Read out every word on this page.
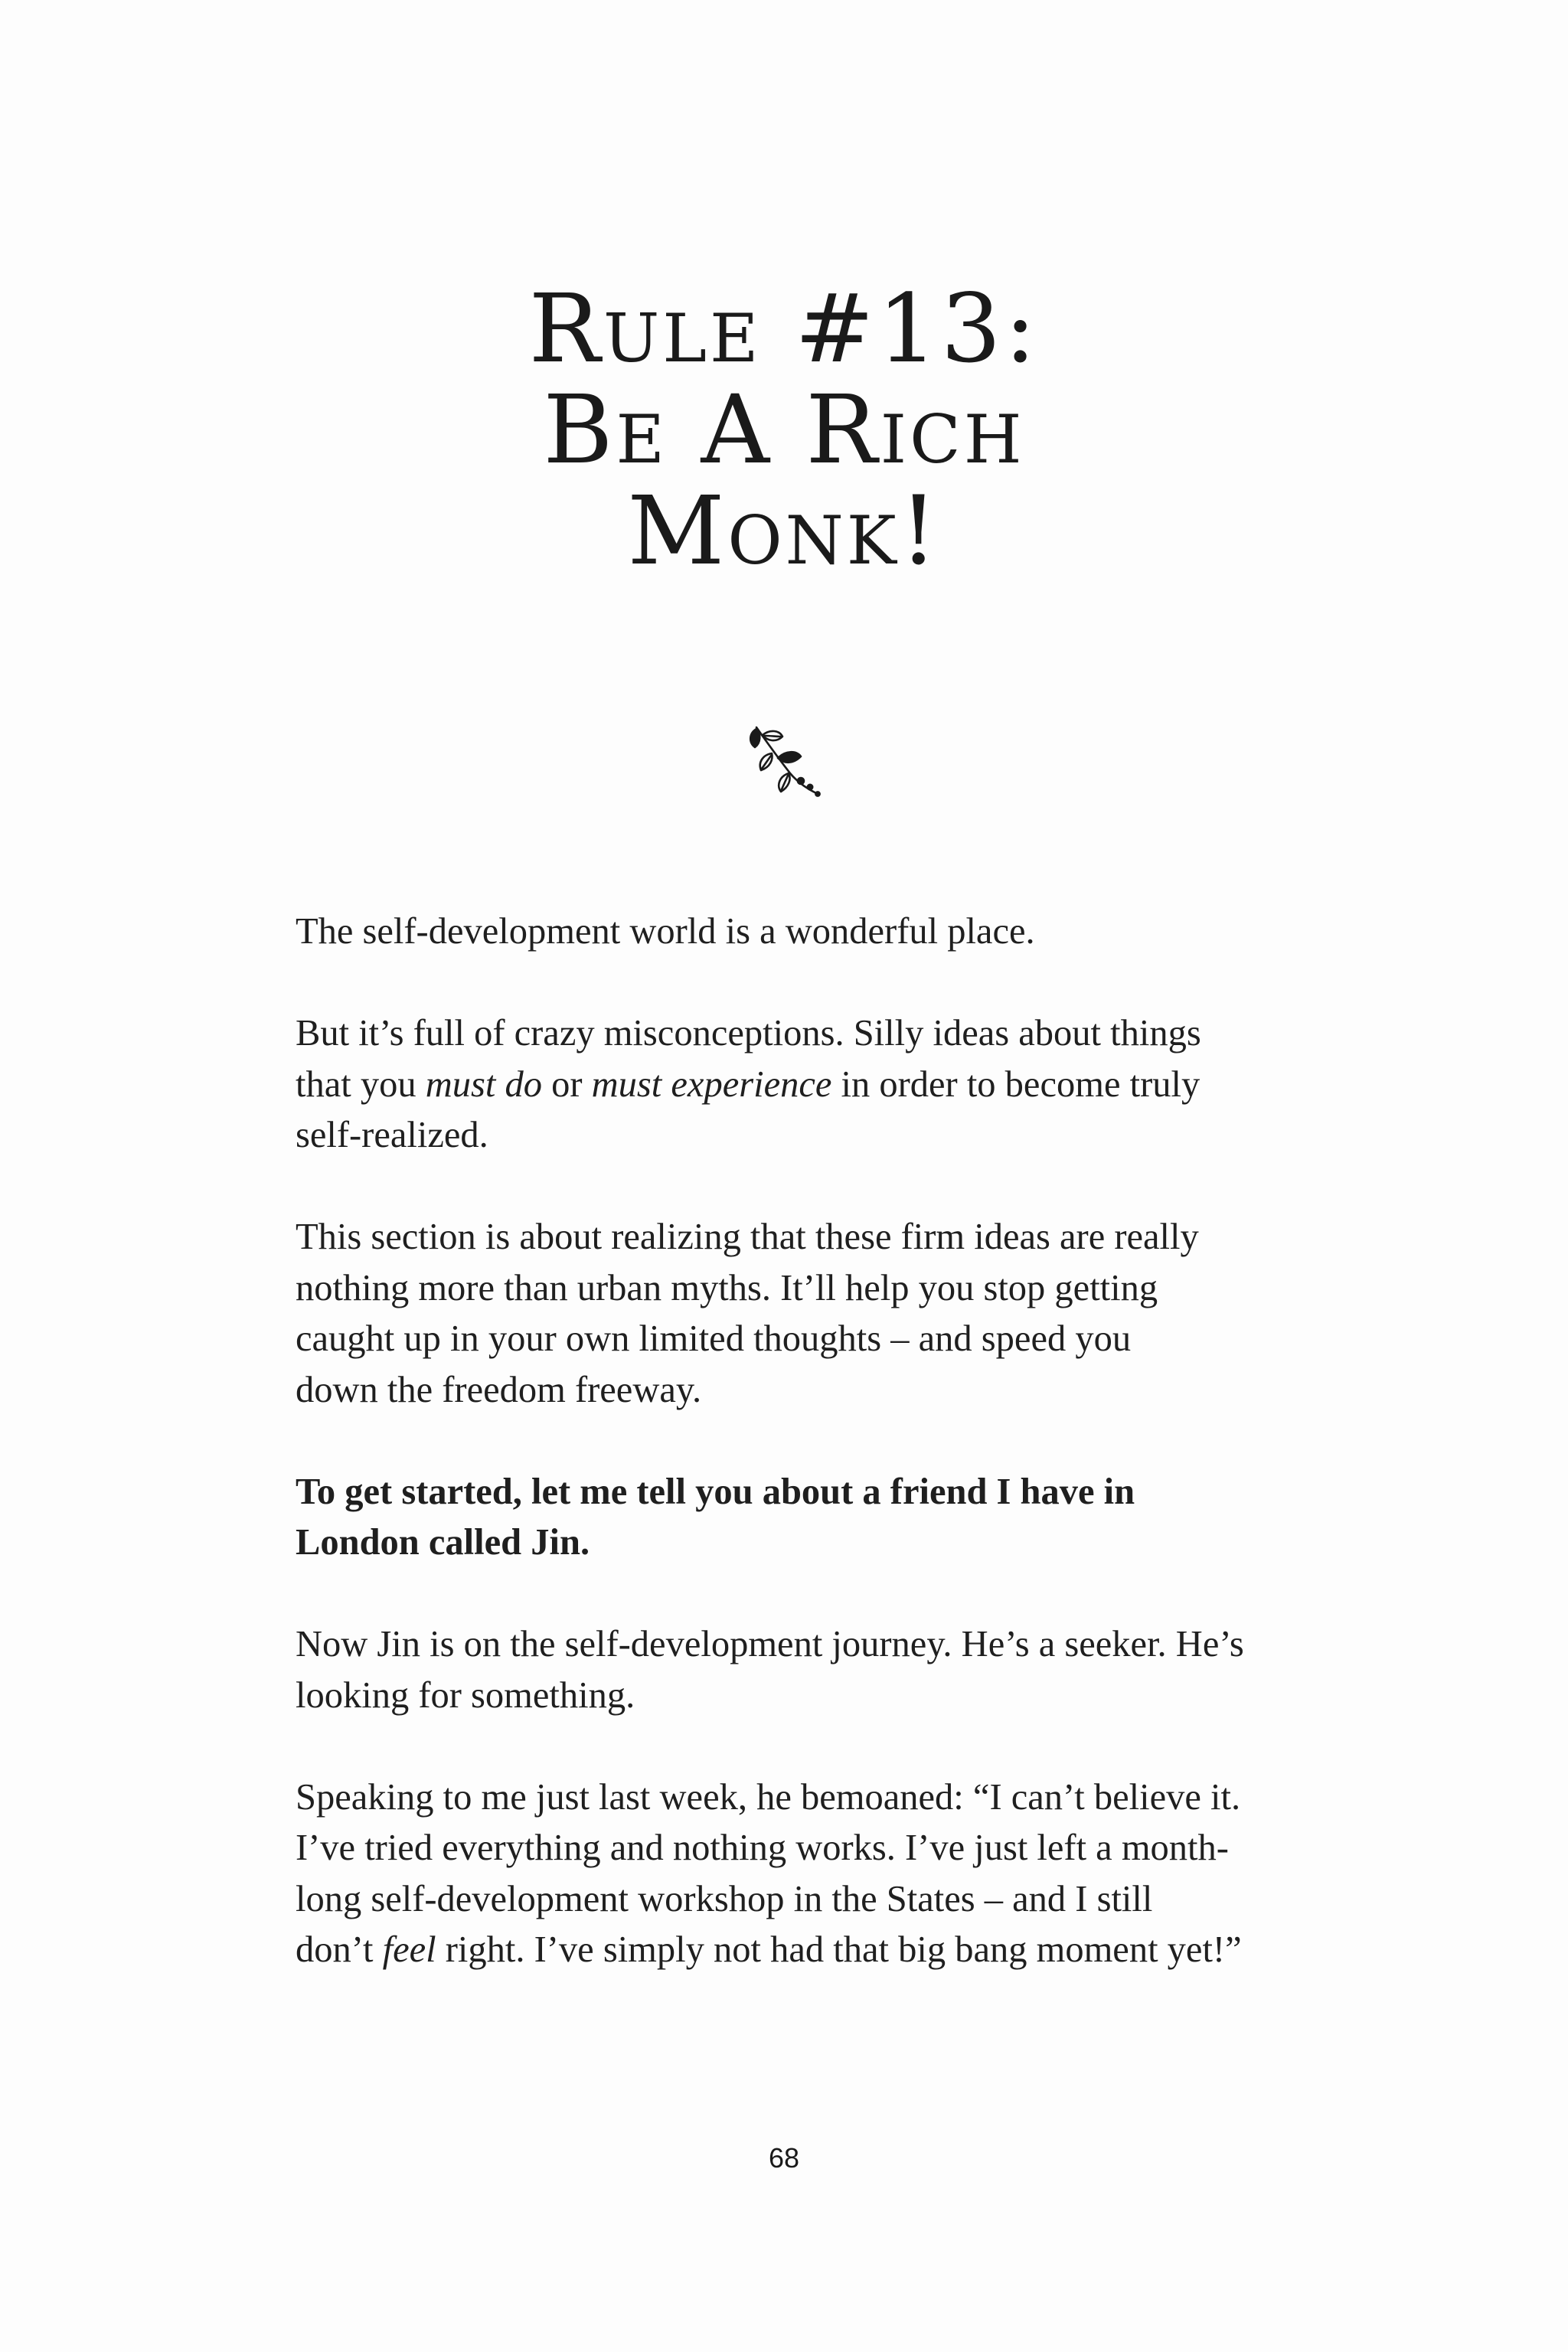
Rule #13:
Be A Rich
Monk!

The self-development world is a wonderful place.

But it’s full of crazy misconceptions. Silly ideas about things
that you must do or must experience in order to become truly
self-realized.

This section is about realizing that these firm ideas are really
nothing more than urban myths. It’ll help you stop getting
caught up in your own limited thoughts – and speed you
down the freedom freeway.

To get started, let me tell you about a friend I have in
London called Jin.

Now Jin is on the self-development journey. He’s a seeker. He’s
looking for something.

Speaking to me just last week, he bemoaned: “I can’t believe it.
I’ve tried everything and nothing works. I’ve just left a month-
long self-development workshop in the States – and I still
don’t feel right. I’ve simply not had that big bang moment yet!”

68
